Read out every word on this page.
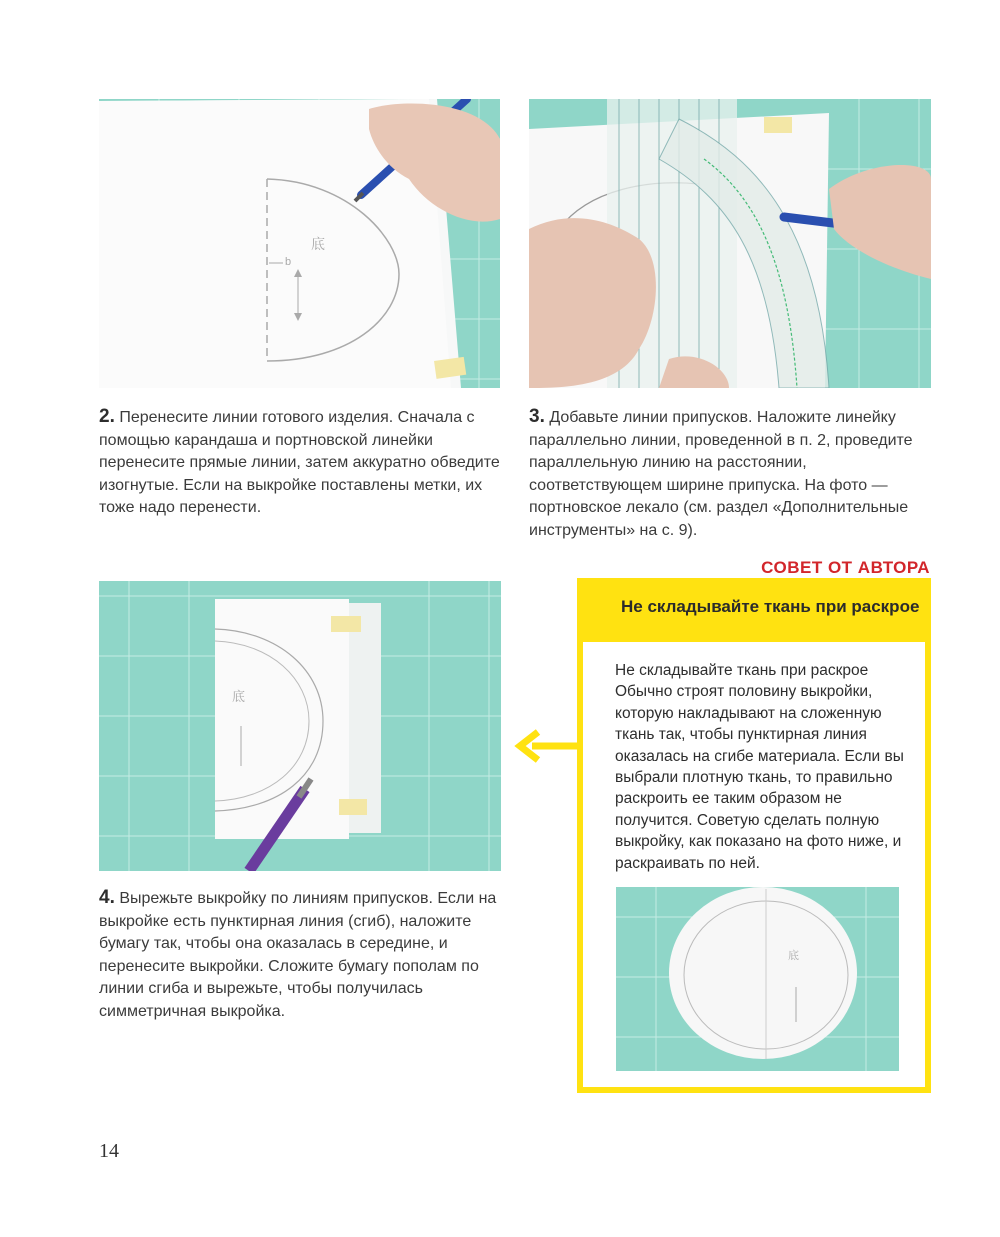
底
b

2. Перенесите линии готового изделия. Сначала с помощью карандаша и портновской линейки перенесите прямые линии, затем аккуратно обведите изогнутые. Если на выкройке поставлены метки, их тоже надо перенести.

3. Добавьте линии припусков. Наложите линейку параллельно линии, проведенной в п. 2, проведите параллельную линию на расстоянии, соответствующем ширине припуска. На фото — портновское лекало (см. раздел «Дополнительные инструменты» на с. 9).

СОВЕТ ОТ АВТОРА
底
Не складывайте ткань при раскрое

Не складывайте ткань при раскрое Обычно строят половину выкройки, которую накладывают на сложенную ткань так, чтобы пунктирная линия оказалась на сгибе материала. Если вы выбрали плотную ткань, то правильно раскроить ее таким образом не получится. Советую сделать полную выкройку, как показано на фото ниже, и раскраивать по ней.

底

4. Вырежьте выкройку по линиям припусков. Если на выкройке есть пунктирная линия (сгиб), наложите бумагу так, чтобы она оказалась в середине, и перенесите выкройки. Сложите бумагу пополам по линии сгиба и вырежьте, чтобы получилась симметричная выкройка.

14
